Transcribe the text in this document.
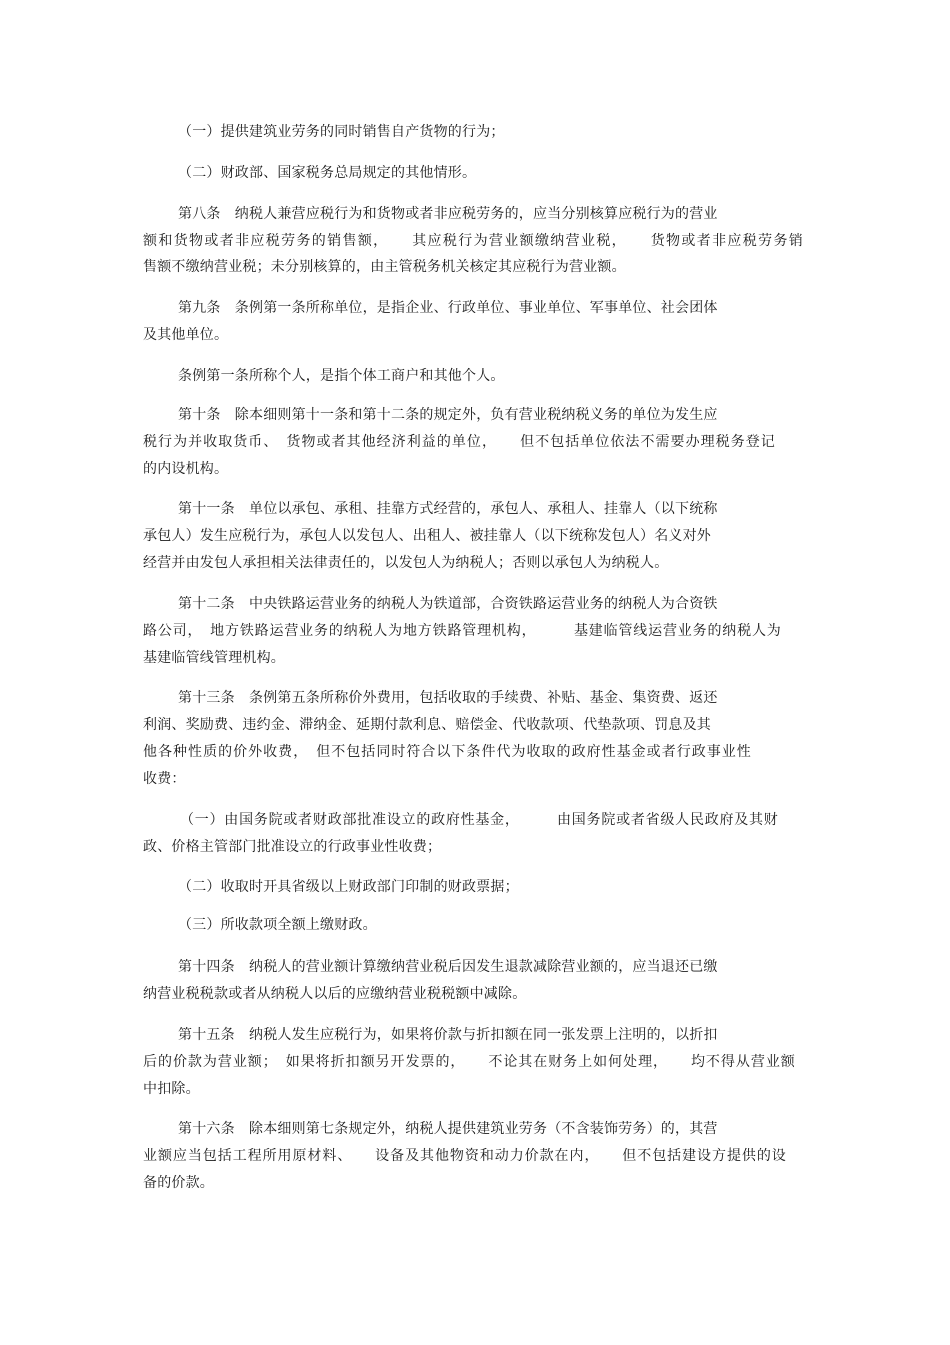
（一）提供建筑业劳务的同时销售自产货物的行为；
（二）财政部、国家税务总局规定的其他情形。
第八条　纳税人兼营应税行为和货物或者非应税劳务的，应当分别核算应税行为的营业
额和货物或者非应税劳务的销售额，　　其应税行为营业额缴纳营业税，　　货物或者非应税劳务销
售额不缴纳营业税；未分别核算的，由主管税务机关核定其应税行为营业额。
第九条　条例第一条所称单位，是指企业、行政单位、事业单位、军事单位、社会团体
及其他单位。
条例第一条所称个人，是指个体工商户和其他个人。
第十条　除本细则第十一条和第十二条的规定外，负有营业税纳税义务的单位为发生应
税行为并收取货币、　货物或者其他经济利益的单位，　　但不包括单位依法不需要办理税务登记
的内设机构。
第十一条　单位以承包、承租、挂靠方式经营的，承包人、承租人、挂靠人（以下统称
承包人）发生应税行为，承包人以发包人、出租人、被挂靠人（以下统称发包人）名义对外
经营并由发包人承担相关法律责任的，以发包人为纳税人；否则以承包人为纳税人。
第十二条　中央铁路运营业务的纳税人为铁道部，合资铁路运营业务的纳税人为合资铁
路公司，　地方铁路运营业务的纳税人为地方铁路管理机构，　　　基建临管线运营业务的纳税人为
基建临管线管理机构。
第十三条　条例第五条所称价外费用，包括收取的手续费、补贴、基金、集资费、返还
利润、奖励费、违约金、滞纳金、延期付款利息、赔偿金、代收款项、代垫款项、罚息及其
他各种性质的价外收费，　但不包括同时符合以下条件代为收取的政府性基金或者行政事业性
收费：
（一）由国务院或者财政部批准设立的政府性基金，　　　由国务院或者省级人民政府及其财
政、价格主管部门批准设立的行政事业性收费；
（二）收取时开具省级以上财政部门印制的财政票据；
（三）所收款项全额上缴财政。
第十四条　纳税人的营业额计算缴纳营业税后因发生退款减除营业额的，应当退还已缴
纳营业税税款或者从纳税人以后的应缴纳营业税税额中减除。
第十五条　纳税人发生应税行为，如果将价款与折扣额在同一张发票上注明的，以折扣
后的价款为营业额；　如果将折扣额另开发票的，　　不论其在财务上如何处理，　　均不得从营业额
中扣除。
第十六条　除本细则第七条规定外，纳税人提供建筑业劳务（不含装饰劳务）的，其营
业额应当包括工程所用原材料、　　设备及其他物资和动力价款在内，　　但不包括建设方提供的设
备的价款。
